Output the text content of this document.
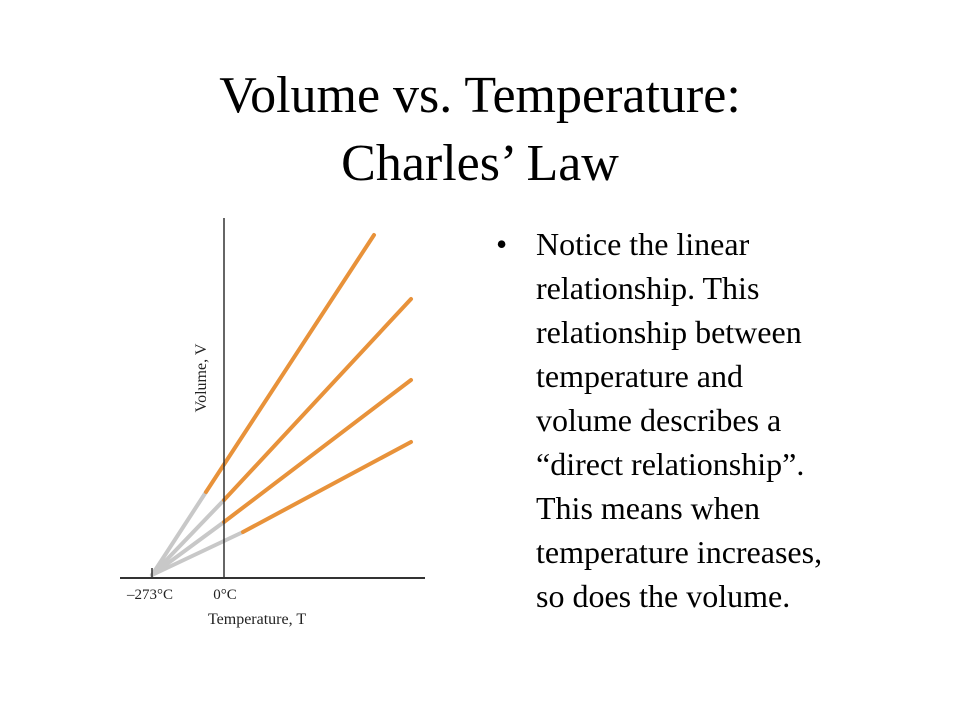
Volume vs. Temperature:
Charles’ Law
–273°C	0°C
Temperature, T
Volume, V
• Notice the linear
relationship. This
relationship between
temperature and
volume describes a
“direct relationship”.
This means when
temperature increases,
so does the volume.
